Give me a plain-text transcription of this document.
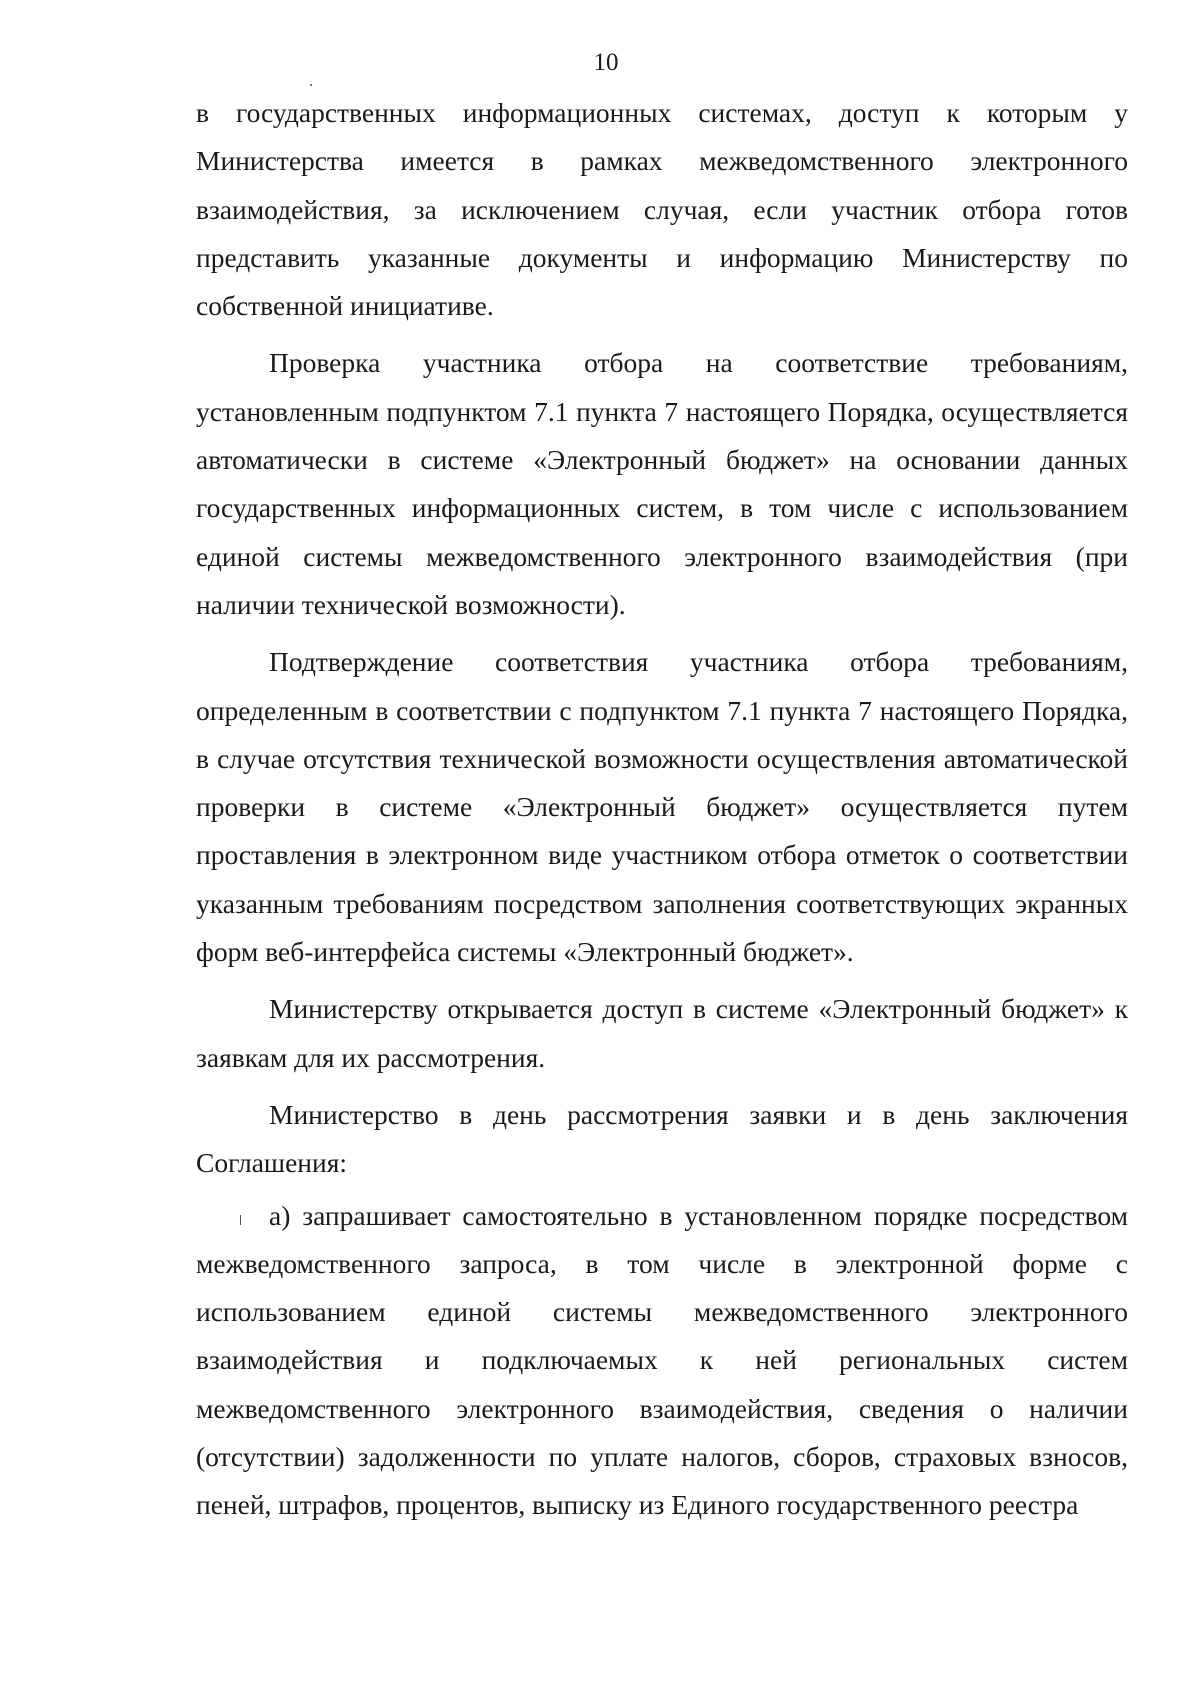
10

в государственных информационных системах, доступ к которым у Министерства имеется в рамках межведомственного электронного взаимодействия, за исключением случая, если участник отбора готов представить указанные документы и информацию Министерству по собственной инициативе.

Проверка участника отбора на соответствие требованиям, установленным подпунктом 7.1 пункта 7 настоящего Порядка, осуществляется автоматически в системе «Электронный бюджет» на основании данных государственных информационных систем, в том числе с использованием единой системы межведомственного электронного взаимодействия (при наличии технической возможности).

Подтверждение соответствия участника отбора требованиям, определенным в соответствии с подпунктом 7.1 пункта 7 настоящего Порядка, в случае отсутствия технической возможности осуществления автоматической проверки в системе «Электронный бюджет» осуществляется путем проставления в электронном виде участником отбора отметок о соответствии указанным требованиям посредством заполнения соответствующих экранных форм веб-интерфейса системы «Электронный бюджет».

Министерству открывается доступ в системе «Электронный бюджет» к заявкам для их рассмотрения.

Министерство в день рассмотрения заявки и в день заключения Соглашения:

а) запрашивает самостоятельно в установленном порядке посредством межведомственного запроса, в том числе в электронной форме с использованием единой системы межведомственного электронного взаимодействия и подключаемых к ней региональных систем межведомственного электронного взаимодействия, сведения о наличии (отсутствии) задолженности по уплате налогов, сборов, страховых взносов, пеней, штрафов, процентов, выписку из Единого государственного реестра
